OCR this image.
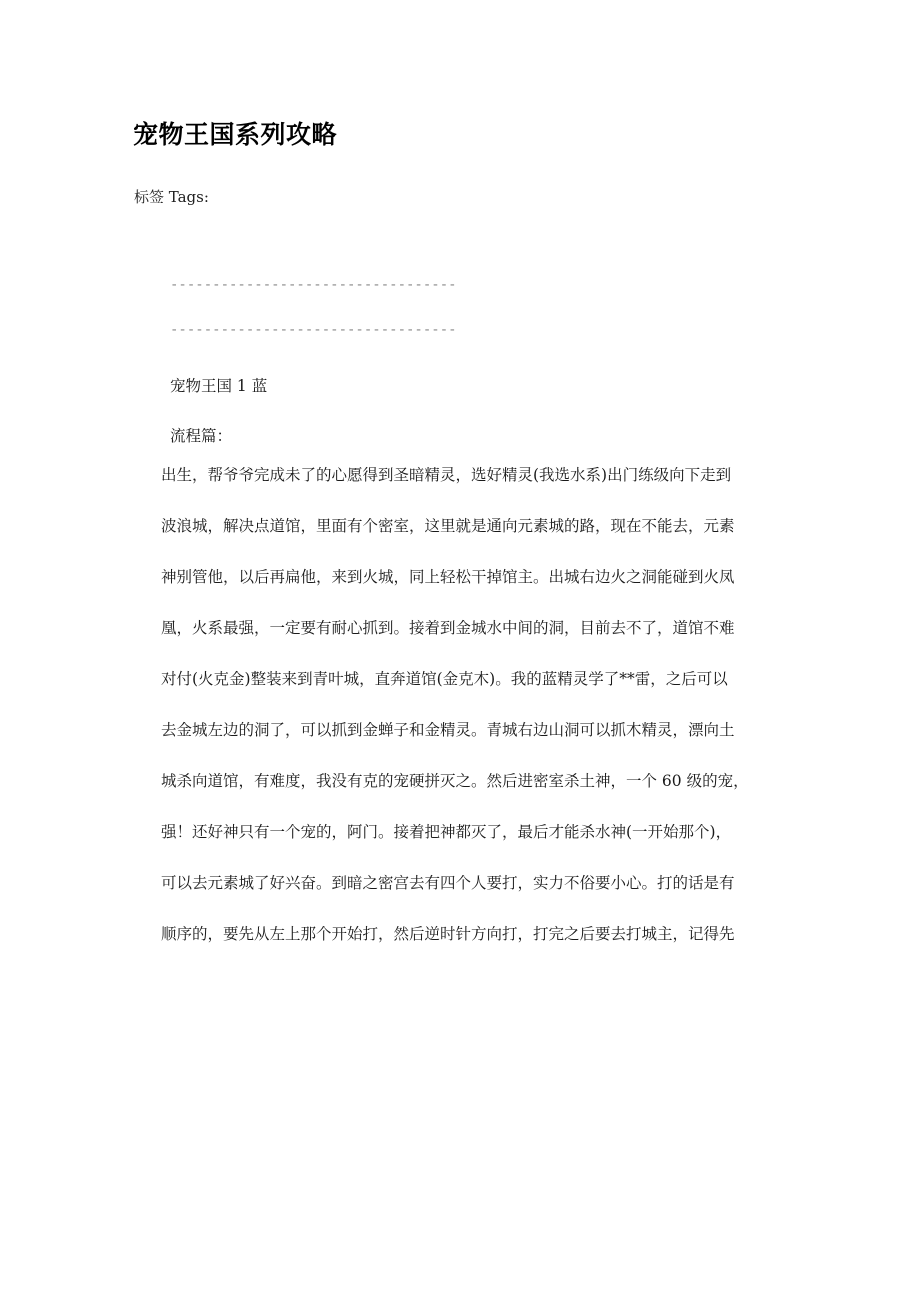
宠物王国系列攻略

标签 Tags:

----------------------------------
----------------------------------

宠物王国 1 蓝

流程篇：

出生，帮爷爷完成未了的心愿得到圣暗精灵，选好精灵(我选水系)出门练级向下走到

波浪城，解决点道馆，里面有个密室，这里就是通向元素城的路，现在不能去，元素

神别管他，以后再扁他，来到火城，同上轻松干掉馆主。出城右边火之洞能碰到火凤

凰，火系最强，一定要有耐心抓到。接着到金城水中间的洞，目前去不了，道馆不难

对付(火克金)整装来到青叶城，直奔道馆(金克木)。我的蓝精灵学了**雷，之后可以

去金城左边的洞了，可以抓到金蝉子和金精灵。青城右边山洞可以抓木精灵，漂向土

城杀向道馆，有难度，我没有克的宠硬拼灭之。然后进密室杀土神，一个 60 级的宠，

强！还好神只有一个宠的，阿门。接着把神都灭了，最后才能杀水神(一开始那个)，

可以去元素城了好兴奋。到暗之密宫去有四个人要打，实力不俗要小心。打的话是有

顺序的，要先从左上那个开始打，然后逆时针方向打，打完之后要去打城主，记得先
